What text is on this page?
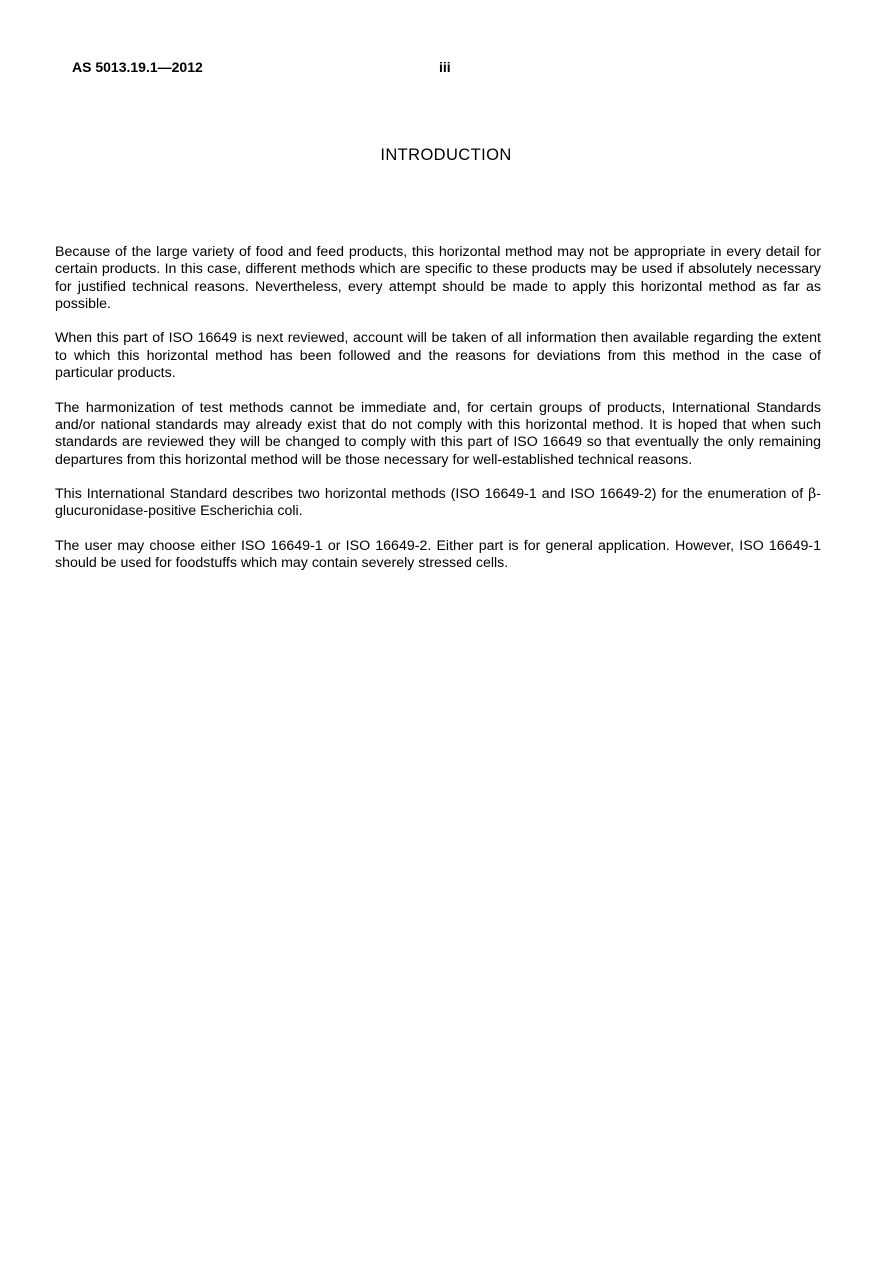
AS 5013.19.1—2012	iii
INTRODUCTION

Because of the large variety of food and feed products, this horizontal method may not be appropriate in every detail for certain products. In this case, different methods which are specific to these products may be used if absolutely necessary for justified technical reasons. Nevertheless, every attempt should be made to apply this horizontal method as far as possible.

When this part of ISO 16649 is next reviewed, account will be taken of all information then available regarding the extent to which this horizontal method has been followed and the reasons for deviations from this method in the case of particular products.

The harmonization of test methods cannot be immediate and, for certain groups of products, International Standards and/or national standards may already exist that do not comply with this horizontal method. It is hoped that when such standards are reviewed they will be changed to comply with this part of ISO 16649 so that eventually the only remaining departures from this horizontal method will be those necessary for well-established technical reasons.

This International Standard describes two horizontal methods (ISO 16649-1 and ISO 16649-2) for the enumeration of β-glucuronidase-positive Escherichia coli.

The user may choose either ISO 16649-1 or ISO 16649-2. Either part is for general application. However, ISO 16649-1 should be used for foodstuffs which may contain severely stressed cells.
